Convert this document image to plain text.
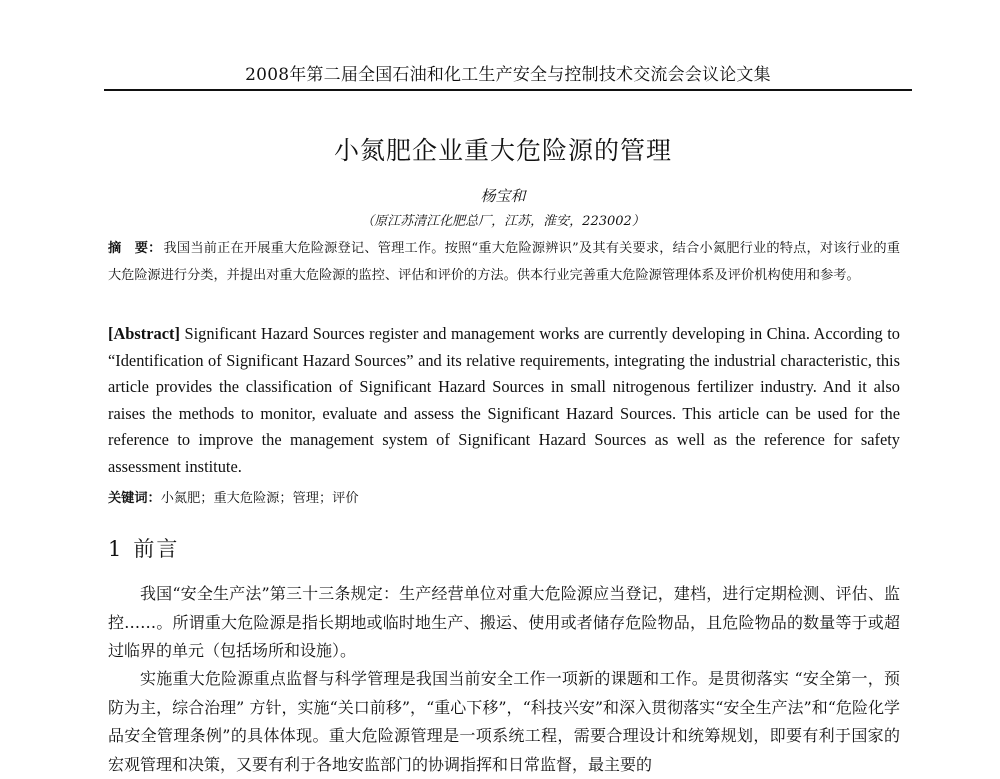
2008年第二届全国石油和化工生产安全与控制技术交流会会议论文集
小氮肥企业重大危险源的管理
杨宝和
（原江苏清江化肥总厂，江苏，淮安，223002）
摘　要： 我国当前正在开展重大危险源登记、管理工作。按照“重大危险源辨识”及其有关要求，结合小氮肥行业的特点，对该行业的重大危险源进行分类，并提出对重大危险源的监控、评估和评价的方法。供本行业完善重大危险源管理体系及评价机构使用和参考。
[Abstract] Significant Hazard Sources register and management works are currently developing in China. According to “Identification of Significant Hazard Sources” and its relative requirements, integrating the industrial characteristic, this article provides the classification of Significant Hazard Sources in small nitrogenous fertilizer industry. And it also raises the methods to monitor, evaluate and assess the Significant Hazard Sources. This article can be used for the reference to improve the management system of Significant Hazard Sources as well as the reference for safety assessment institute.
关键词：小氮肥；重大危险源；管理；评价
1 前言

我国“安全生产法”第三十三条规定：生产经营单位对重大危险源应当登记，建档，进行定期检测、评估、监控……。所谓重大危险源是指长期地或临时地生产、搬运、使用或者储存危险物品，且危险物品的数量等于或超过临界的单元（包括场所和设施）。

实施重大危险源重点监督与科学管理是我国当前安全工作一项新的课题和工作。是贯彻落实 “安全第一，预防为主，综合治理” 方针，实施“关口前移”，“重心下移”，“科技兴安”和深入贯彻落实“安全生产法”和“危险化学品安全管理条例”的具体体现。重大危险源管理是一项系统工程，需要合理设计和统筹规划，即要有利于国家的宏观管理和决策，又要有利于各地安监部门的协调指挥和日常监督，最主要的
